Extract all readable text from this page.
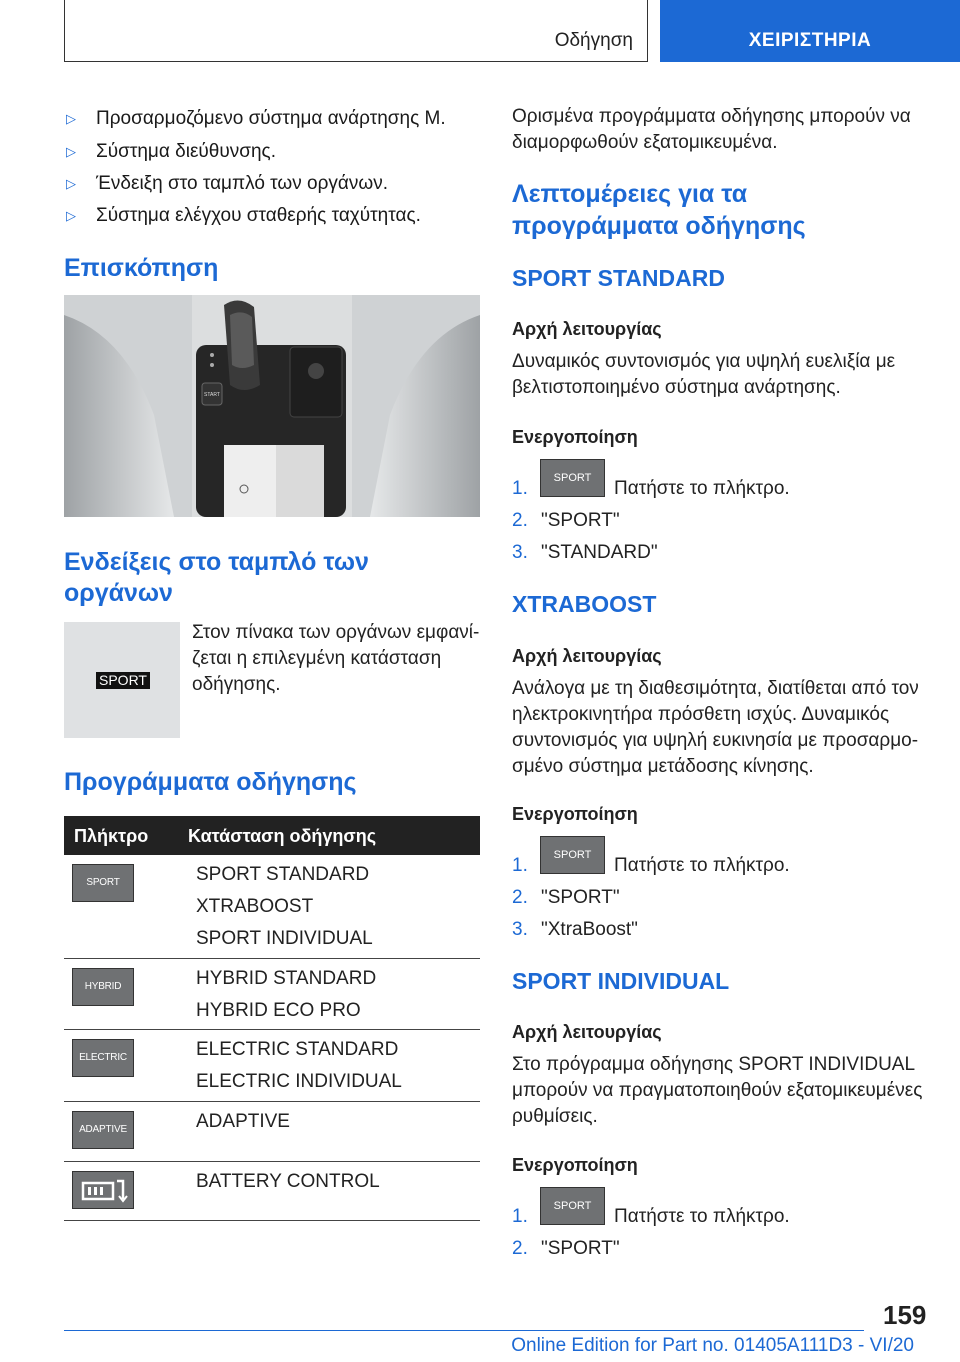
Οδήγηση	ΧΕΙΡΙΣΤΗΡΙΑ
▷ Προσαρμοζόμενο σύστημα ανάρτησης Μ.
▷ Σύστημα διεύθυνσης.
▷ Ένδειξη στο ταμπλό των οργάνων.
▷ Σύστημα ελέγχου σταθερής ταχύτητας.
Επισκόπηση
START
Ενδείξεις στο ταμπλό των
οργάνων
SPORT
Στον πίνακα των οργάνων εμφανί-
ζεται η επιλεγμένη κατάσταση
οδήγησης.
Προγράμματα οδήγησης
Πλήκτρο Κατάσταση οδήγησης
SPORT	SPORT STANDARD
XTRABOOST
SPORT INDIVIDUAL
HYBRID	HYBRID STANDARD
HYBRID ECO PRO
ELECTRIC	ELECTRIC STANDARD
ELECTRIC INDIVIDUAL
ADAPTIVE	ADAPTIVE
BATTERY CONTROL
Ορισμένα προγράμματα οδήγησης μπορούν να
διαμορφωθούν εξατομικευμένα.
Λεπτομέρειες για τα
προγράμματα οδήγησης
SPORT STANDARD
Αρχή λειτουργίας
Δυναμικός συντονισμός για υψηλή ευελιξία με
βελτιστοποιημένο σύστημα ανάρτησης.
Ενεργοποίηση
1.	Πατήστε το πλήκτρο.
SPORT
2. "SPORT"
3. "STANDARD"
XTRABOOST
Αρχή λειτουργίας
Ανάλογα με τη διαθεσιμότητα, διατίθεται από τον
ηλεκτροκινητήρα πρόσθετη ισχύς. Δυναμικός
συντονισμός για υψηλή ευκινησία με προσαρμο-
σμένο σύστημα μετάδοσης κίνησης.
Ενεργοποίηση
SPORT
1.	Πατήστε το πλήκτρο.
2. "SPORT"
3. "XtraBoost"
SPORT INDIVIDUAL
Αρχή λειτουργίας
Στο πρόγραμμα οδήγησης SPORT INDIVIDUAL
μπορούν να πραγματοποιηθούν εξατομικευμένες
ρυθμίσεις.
Ενεργοποίηση
SPORT
1.	Πατήστε το πλήκτρο.
2. "SPORT"
159
Online Edition for Part no. 01405A111D3 - VI/20
